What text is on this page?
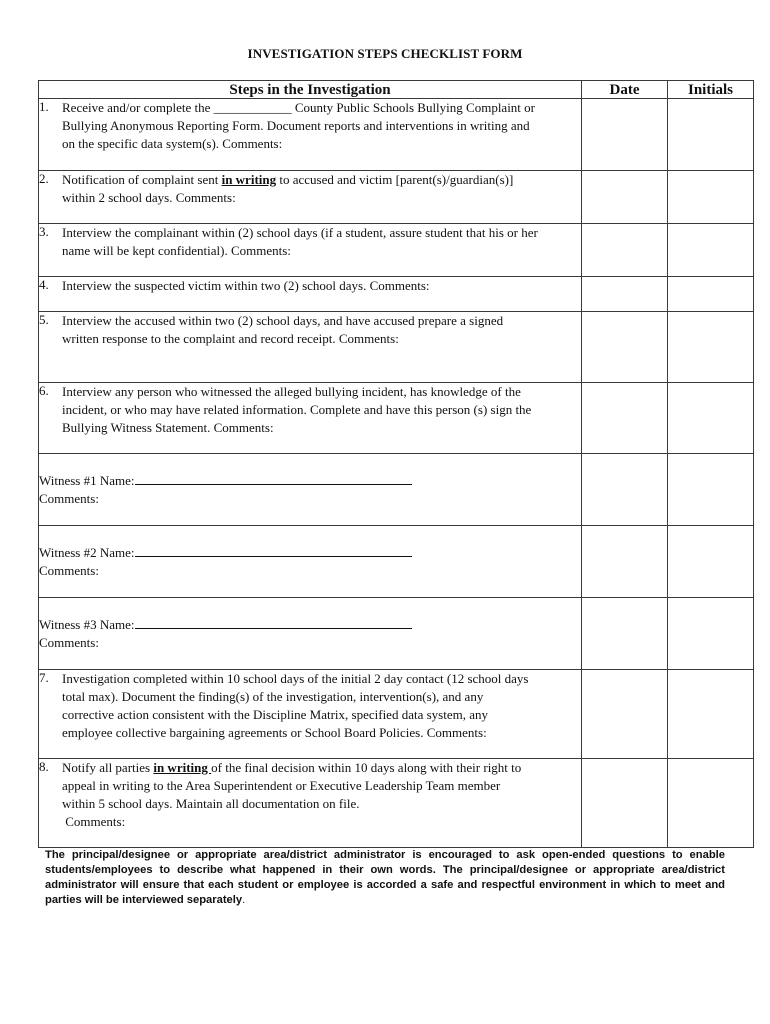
INVESTIGATION STEPS CHECKLIST FORM
Steps in the Investigation	Date	Initials

1. Receive and/or complete the ____________ County Public Schools Bullying Complaint or
Bullying Anonymous Reporting Form. Document reports and interventions in writing and
on the specific data system(s). Comments:		

2. Notification of complaint sent in writing to accused and victim [parent(s)/guardian(s)]
within 2 school days. Comments:		

3. Interview the complainant within (2) school days (if a student, assure student that his or her
name will be kept confidential). Comments:		

4. Interview the suspected victim within two (2) school days. Comments:		

5. Interview the accused within two (2) school days, and have accused prepare a signed
written response to the complaint and record receipt. Comments:		

6. Interview any person who witnessed the alleged bullying incident, has knowledge of the
incident, or who may have related information. Complete and have this person (s) sign the
Bullying Witness Statement. Comments:		

Witness #1 Name:
Comments:		

Witness #2 Name:
Comments:		

Witness #3 Name:
Comments:		

7. Investigation completed within 10 school days of the initial 2 day contact (12 school days
total max). Document the finding(s) of the investigation, intervention(s), and any
corrective action consistent with the Discipline Matrix, specified data system, any
employee collective bargaining agreements or School Board Policies. Comments:		

8. Notify all parties in writing of the final decision within 10 days along with their right to
appeal in writing to the Area Superintendent or Executive Leadership Team member
within 5 school days. Maintain all documentation on file.
Comments:		

The principal/designee or appropriate area/district administrator is encouraged to ask open-ended questions to enable students/employees to describe what happened in their own words. The principal/designee or appropriate area/district administrator will ensure that each student or employee is accorded a safe and respectful environment in which to meet and parties will be interviewed separately.
